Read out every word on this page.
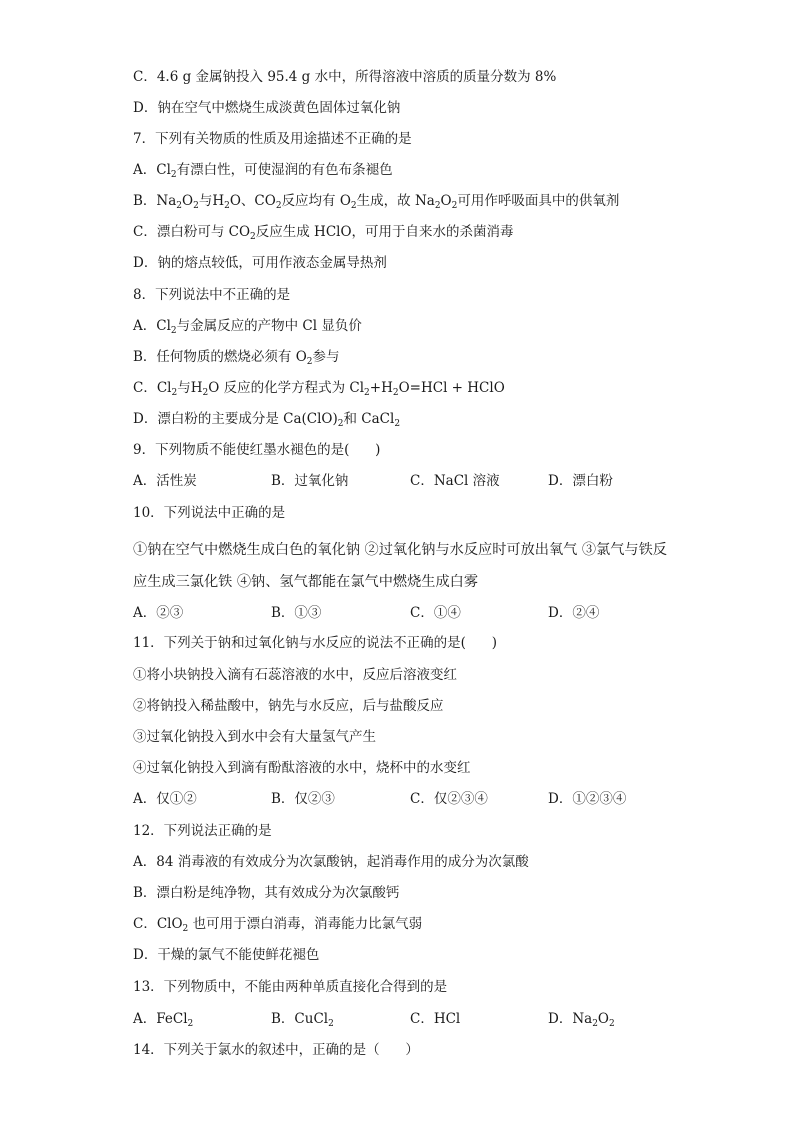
C．4.6 g 金属钠投入 95.4 g 水中，所得溶液中溶质的质量分数为 8%
D．钠在空气中燃烧生成淡黄色固体过氧化钠
7．下列有关物质的性质及用途描述不正确的是
A．$Cl_2$有漂白性，可使湿润的有色布条褪色
B．$Na_2O_2$与$H_2O$、$CO_2$反应均有 $O_2$生成，故 $Na_2O_2$可用作呼吸面具中的供氧剂
C．漂白粉可与 $CO_2$反应生成 HClO，可用于自来水的杀菌消毒
D．钠的熔点较低，可用作液态金属导热剂
8．下列说法中不正确的是
A．$Cl_2$与金属反应的产物中 Cl 显负价
B．任何物质的燃烧必须有 $O_2$参与
C．$Cl_2$与$H_2O$ 反应的化学方程式为 $Cl_2+H_2O=HCl$ + HClO
D．漂白粉的主要成分是 $Ca(ClO)_2$和 CaCl$_2$
9．下列物质不能使红墨水褪色的是(      )
10．下列说法中正确的是
①钠在空气中燃烧生成白色的氧化钠 ②过氧化钠与水反应时可放出氧气 ③氯气与铁反
应生成三氯化铁 ④钠、氢气都能在氯气中燃烧生成白雾
11．下列关于钠和过氧化钠与水反应的说法不正确的是(      )
①将小块钠投入滴有石蕊溶液的水中，反应后溶液变红
②将钠投入稀盐酸中，钠先与水反应，后与盐酸反应
③过氧化钠投入到水中会有大量氢气产生
④过氧化钠投入到滴有酚酞溶液的水中，烧杯中的水变红
12．下列说法正确的是
A．84 消毒液的有效成分为次氯酸钠，起消毒作用的成分为次氯酸
B．漂白粉是纯净物，其有效成分为次氯酸钙
C．ClO$_2$ 也可用于漂白消毒，消毒能力比氯气弱
D．干燥的氯气不能使鲜花褪色
13．下列物质中，不能由两种单质直接化合得到的是
14．下列关于氯水的叙述中，正确的是（      ）
A．活性炭	B．过氧化钠	C．NaCl 溶液	D．漂白粉
A．②③	B．①③	C．①④	D．②④
A．仅①②	B．仅②③	C．仅②③④	D．①②③④
A．FeCl$_2$	B．CuCl$_2$	C．HCl	D．$Na_2O_2$
